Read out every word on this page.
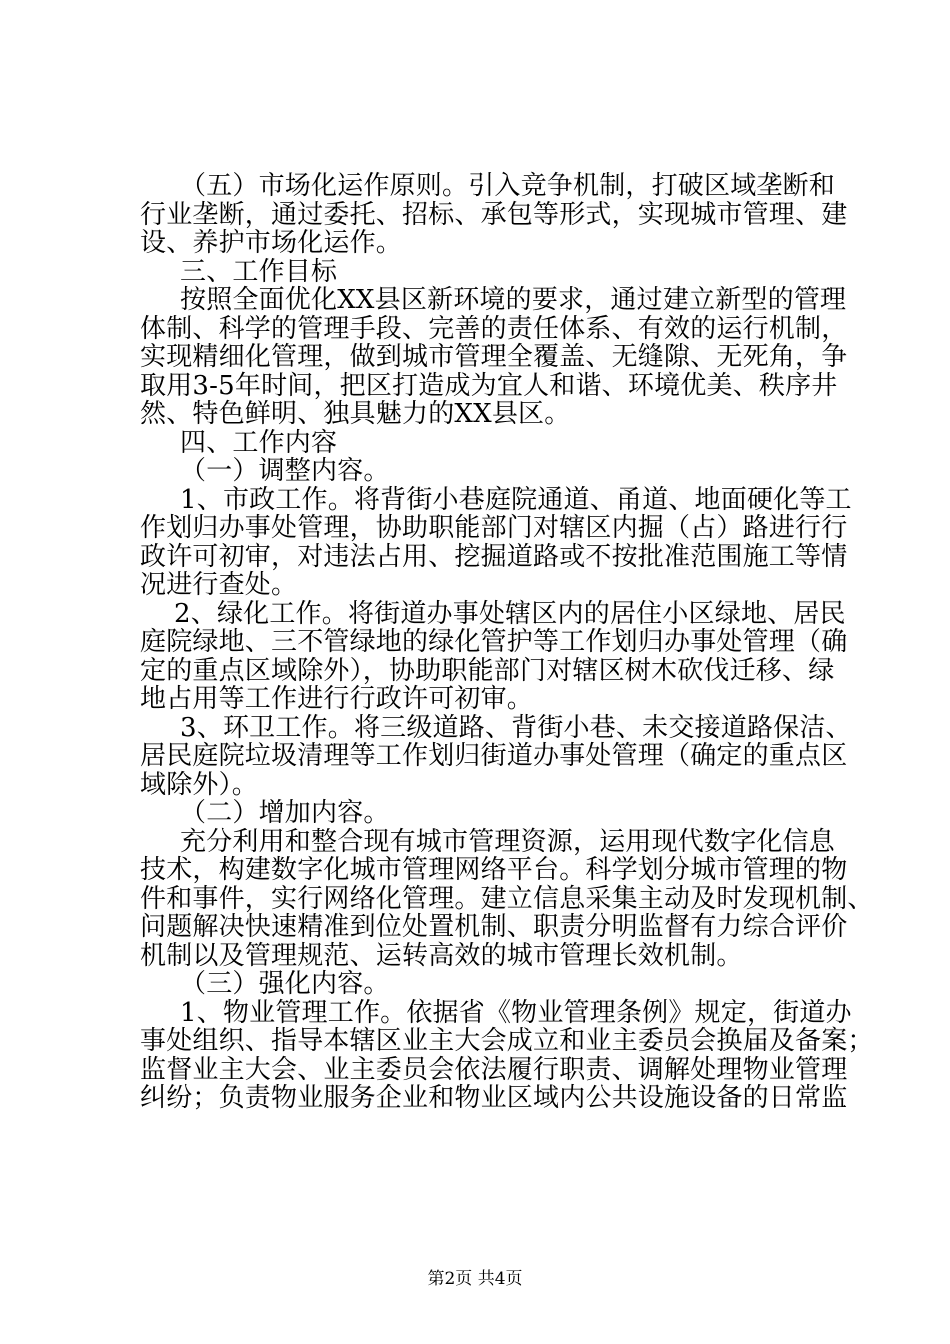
（五）市场化运作原则。引入竞争机制，打破区域垄断和
行业垄断，通过委托、招标、承包等形式，实现城市管理、建
设、养护市场化运作。
三、工作目标
按照全面优化XX县区新环境的要求，通过建立新型的管理
体制、科学的管理手段、完善的责任体系、有效的运行机制，
实现精细化管理，做到城市管理全覆盖、无缝隙、无死角，争
取用3-5年时间，把区打造成为宜人和谐、环境优美、秩序井
然、特色鲜明、独具魅力的XX县区。
四、工作内容
（一）调整内容。
1、市政工作。将背街小巷庭院通道、甬道、地面硬化等工
作划归办事处管理，协助职能部门对辖区内掘（占）路进行行
政许可初审，对违法占用、挖掘道路或不按批准范围施工等情
况进行查处。
2、绿化工作。将街道办事处辖区内的居住小区绿地、居民
庭院绿地、三不管绿地的绿化管护等工作划归办事处管理（确
定的重点区域除外），协助职能部门对辖区树木砍伐迁移、绿
地占用等工作进行行政许可初审。
3、环卫工作。将三级道路、背街小巷、未交接道路保洁、
居民庭院垃圾清理等工作划归街道办事处管理（确定的重点区
域除外）。
（二）增加内容。
充分利用和整合现有城市管理资源，运用现代数字化信息
技术，构建数字化城市管理网络平台。科学划分城市管理的物
件和事件，实行网络化管理。建立信息采集主动及时发现机制、
问题解决快速精准到位处置机制、职责分明监督有力综合评价
机制以及管理规范、运转高效的城市管理长效机制。
（三）强化内容。
1、物业管理工作。依据省《物业管理条例》规定，街道办
事处组织、指导本辖区业主大会成立和业主委员会换届及备案；
监督业主大会、业主委员会依法履行职责、调解处理物业管理
纠纷；负责物业服务企业和物业区域内公共设施设备的日常监
第2页 共4页
